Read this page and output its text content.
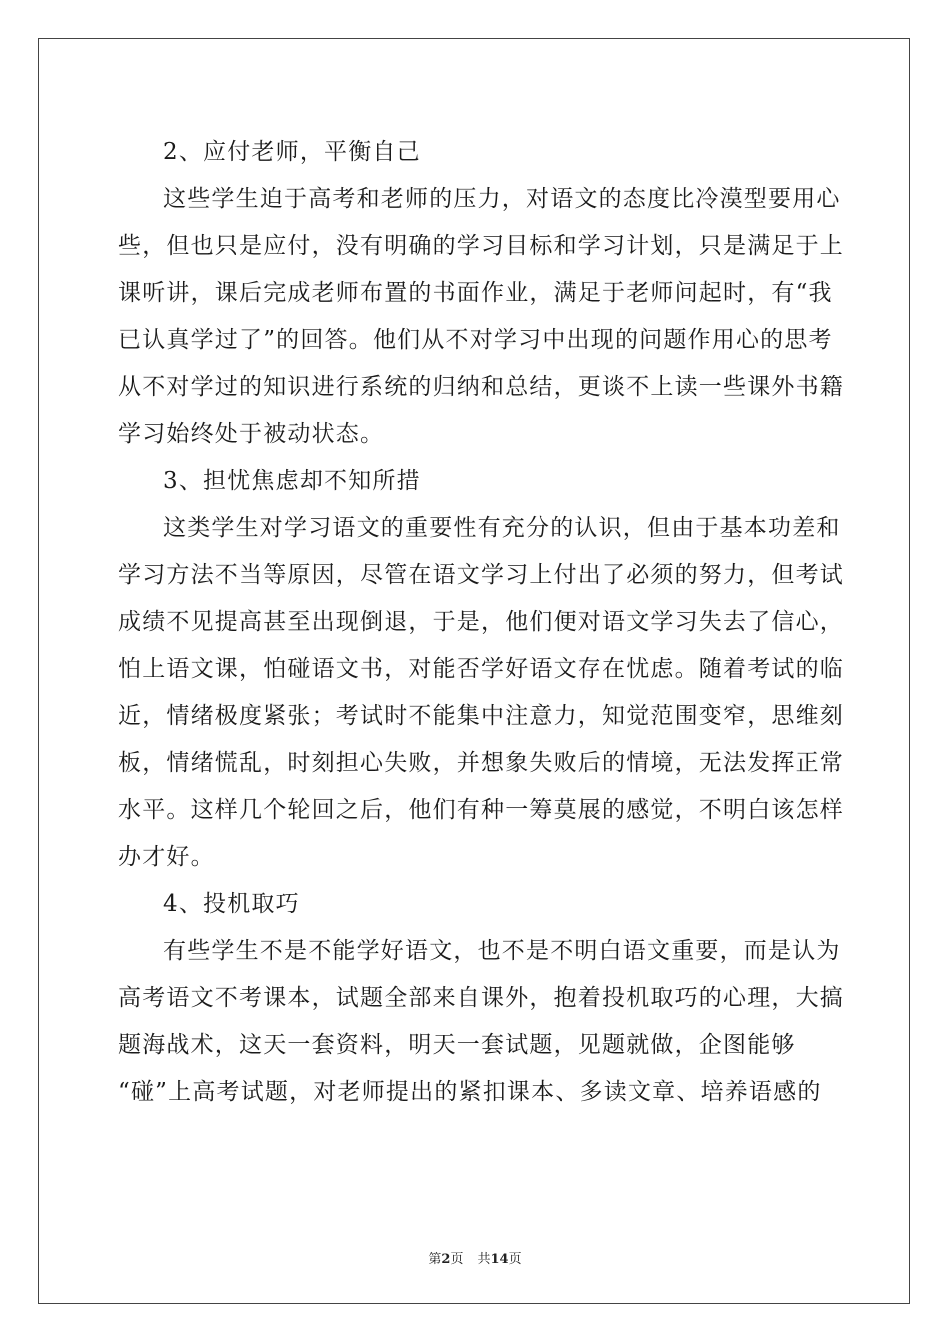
2、应付老师，平衡自己
这些学生迫于高考和老师的压力，对语文的态度比冷漠型要用心
些，但也只是应付，没有明确的学习目标和学习计划，只是满足于上
课听讲，课后完成老师布置的书面作业，满足于老师问起时，有“我
已认真学过了”的回答。他们从不对学习中出现的问题作用心的思考
从不对学过的知识进行系统的归纳和总结，更谈不上读一些课外书籍
学习始终处于被动状态。
3、担忧焦虑却不知所措
这类学生对学习语文的重要性有充分的认识，但由于基本功差和
学习方法不当等原因，尽管在语文学习上付出了必须的努力，但考试
成绩不见提高甚至出现倒退，于是，他们便对语文学习失去了信心，
怕上语文课，怕碰语文书，对能否学好语文存在忧虑。随着考试的临
近，情绪极度紧张；考试时不能集中注意力，知觉范围变窄，思维刻
板，情绪慌乱，时刻担心失败，并想象失败后的情境，无法发挥正常
水平。这样几个轮回之后，他们有种一筹莫展的感觉，不明白该怎样
办才好。
4、投机取巧
有些学生不是不能学好语文，也不是不明白语文重要，而是认为
高考语文不考课本，试题全部来自课外，抱着投机取巧的心理，大搞
题海战术，这天一套资料，明天一套试题，见题就做，企图能够
“碰”上高考试题，对老师提出的紧扣课本、多读文章、培养语感的
第2页 共14页
